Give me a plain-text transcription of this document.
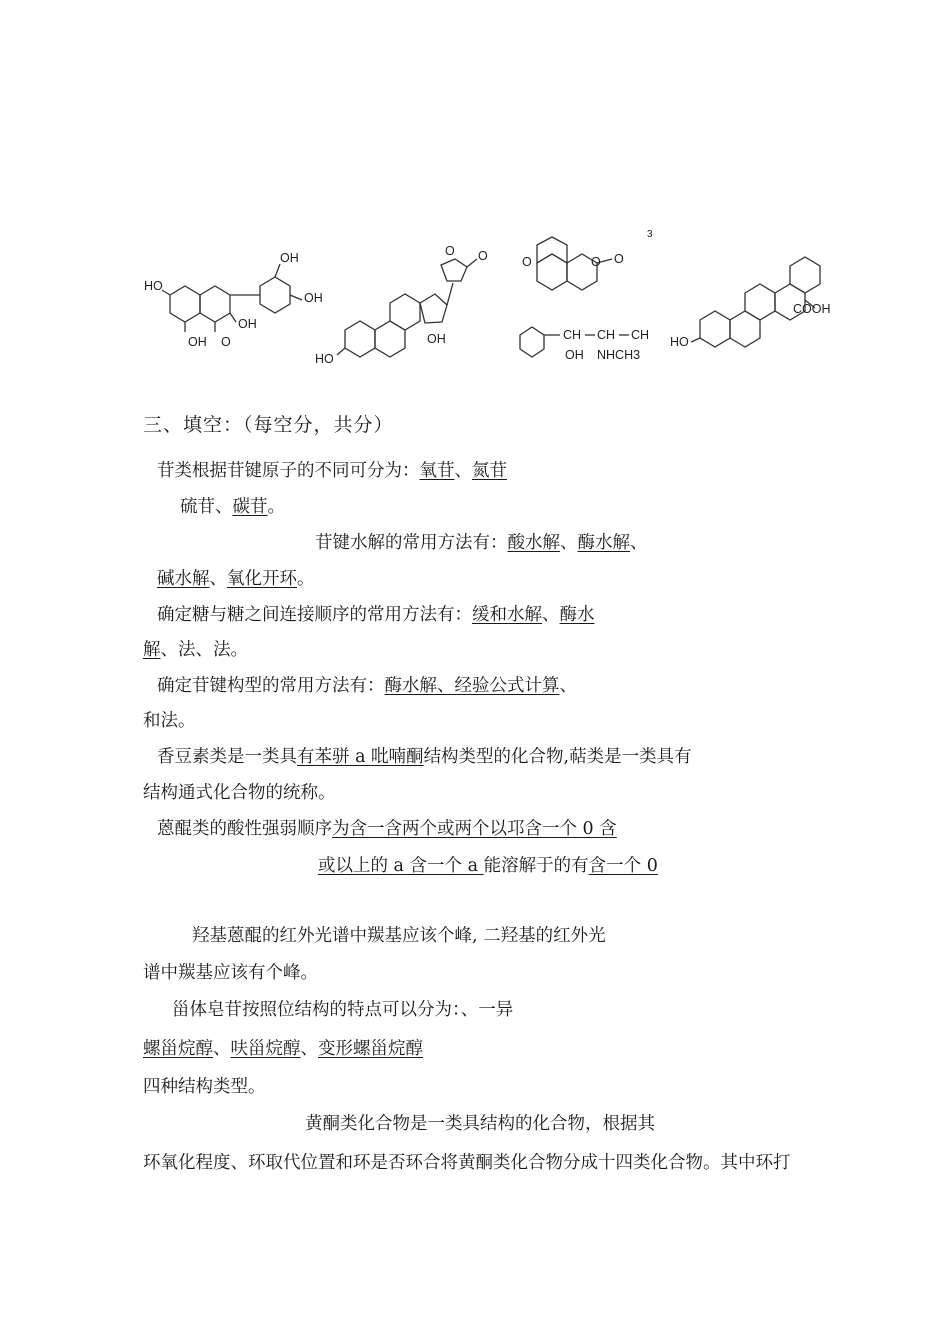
HO
OH
OH
OH
OH O
O O
OH
HO
O	O O
CH CH CH
OH NHCH3
COOH
HO
3
三、填空：（每空分，共分）
苷类根据苷键原子的不同可分为：氧苷、氮苷
硫苷、碳苷。
苷键水解的常用方法有：酸水解、酶水解、
碱水解、氧化开环。
确定糖与糖之间连接顺序的常用方法有：缓和水解、酶水
解、法、法。
确定苷键构型的常用方法有：酶水解、经验公式计算、
和法。
香豆素类是一类具有苯骈 a 吡喃酮结构类型的化合物,萜类是一类具有
结构通式化合物的统称。
蒽醌类的酸性强弱顺序为含一含两个或两个以邛含一个 0 含
或以上的 a 含一个 a 能溶解于的有含一个 0
羟基蒽醌的红外光谱中羰基应该个峰, 二羟基的红外光
谱中羰基应该有个峰。
甾体皂苷按照位结构的特点可以分为：、一异
螺甾烷醇、呋甾烷醇、变形螺甾烷醇
四种结构类型。
黄酮类化合物是一类具结构的化合物，根据其
环氧化程度、环取代位置和环是否环合将黄酮类化合物分成十四类化合物。其中环打
